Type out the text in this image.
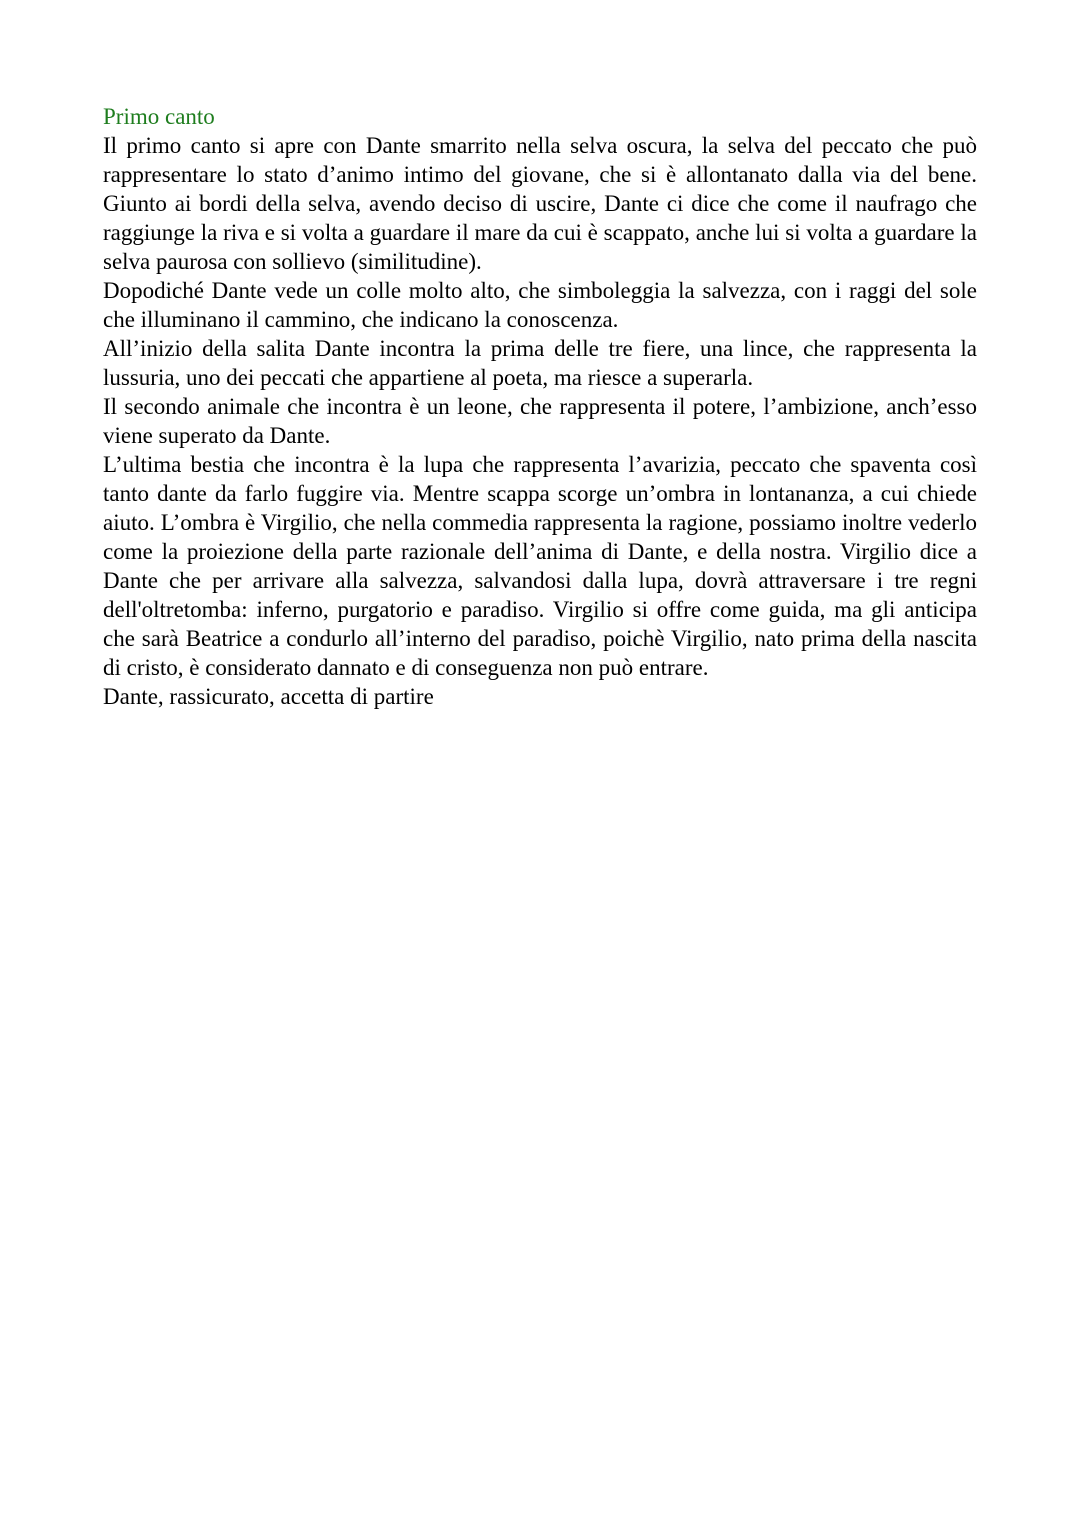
Primo canto

Il primo canto si apre con Dante smarrito nella selva oscura, la selva del peccato che può rappresentare lo stato d’animo intimo del giovane, che si è allontanato dalla via del bene. Giunto ai bordi della selva, avendo deciso di uscire, Dante ci dice che come il naufrago che raggiunge la riva e si volta a guardare il mare da cui è scappato, anche lui si volta a guardare la selva paurosa con sollievo (similitudine).

Dopodiché Dante vede un colle molto alto, che simboleggia la salvezza, con i raggi del sole che illuminano il cammino, che indicano la conoscenza.

All’inizio della salita Dante incontra la prima delle tre fiere, una lince, che rappresenta la lussuria, uno dei peccati che appartiene al poeta, ma riesce a superarla.

Il secondo animale che incontra è un leone, che rappresenta il potere, l’ambizione, anch’esso viene superato da Dante.

L’ultima bestia che incontra è la lupa che rappresenta l’avarizia, peccato che spaventa così tanto dante da farlo fuggire via. Mentre scappa scorge un’ombra in lontananza, a cui chiede aiuto. L’ombra è Virgilio, che nella commedia rappresenta la ragione, possiamo inoltre vederlo come la proiezione della parte razionale dell’anima di Dante, e della nostra. Virgilio dice a Dante che per arrivare alla salvezza, salvandosi dalla lupa, dovrà attraversare i tre regni dell'oltretomba: inferno, purgatorio e paradiso. Virgilio si offre come guida, ma gli anticipa che sarà Beatrice a condurlo all’interno del paradiso, poichè Virgilio, nato prima della nascita di cristo, è considerato dannato e di conseguenza non può entrare.

Dante, rassicurato, accetta di partire
